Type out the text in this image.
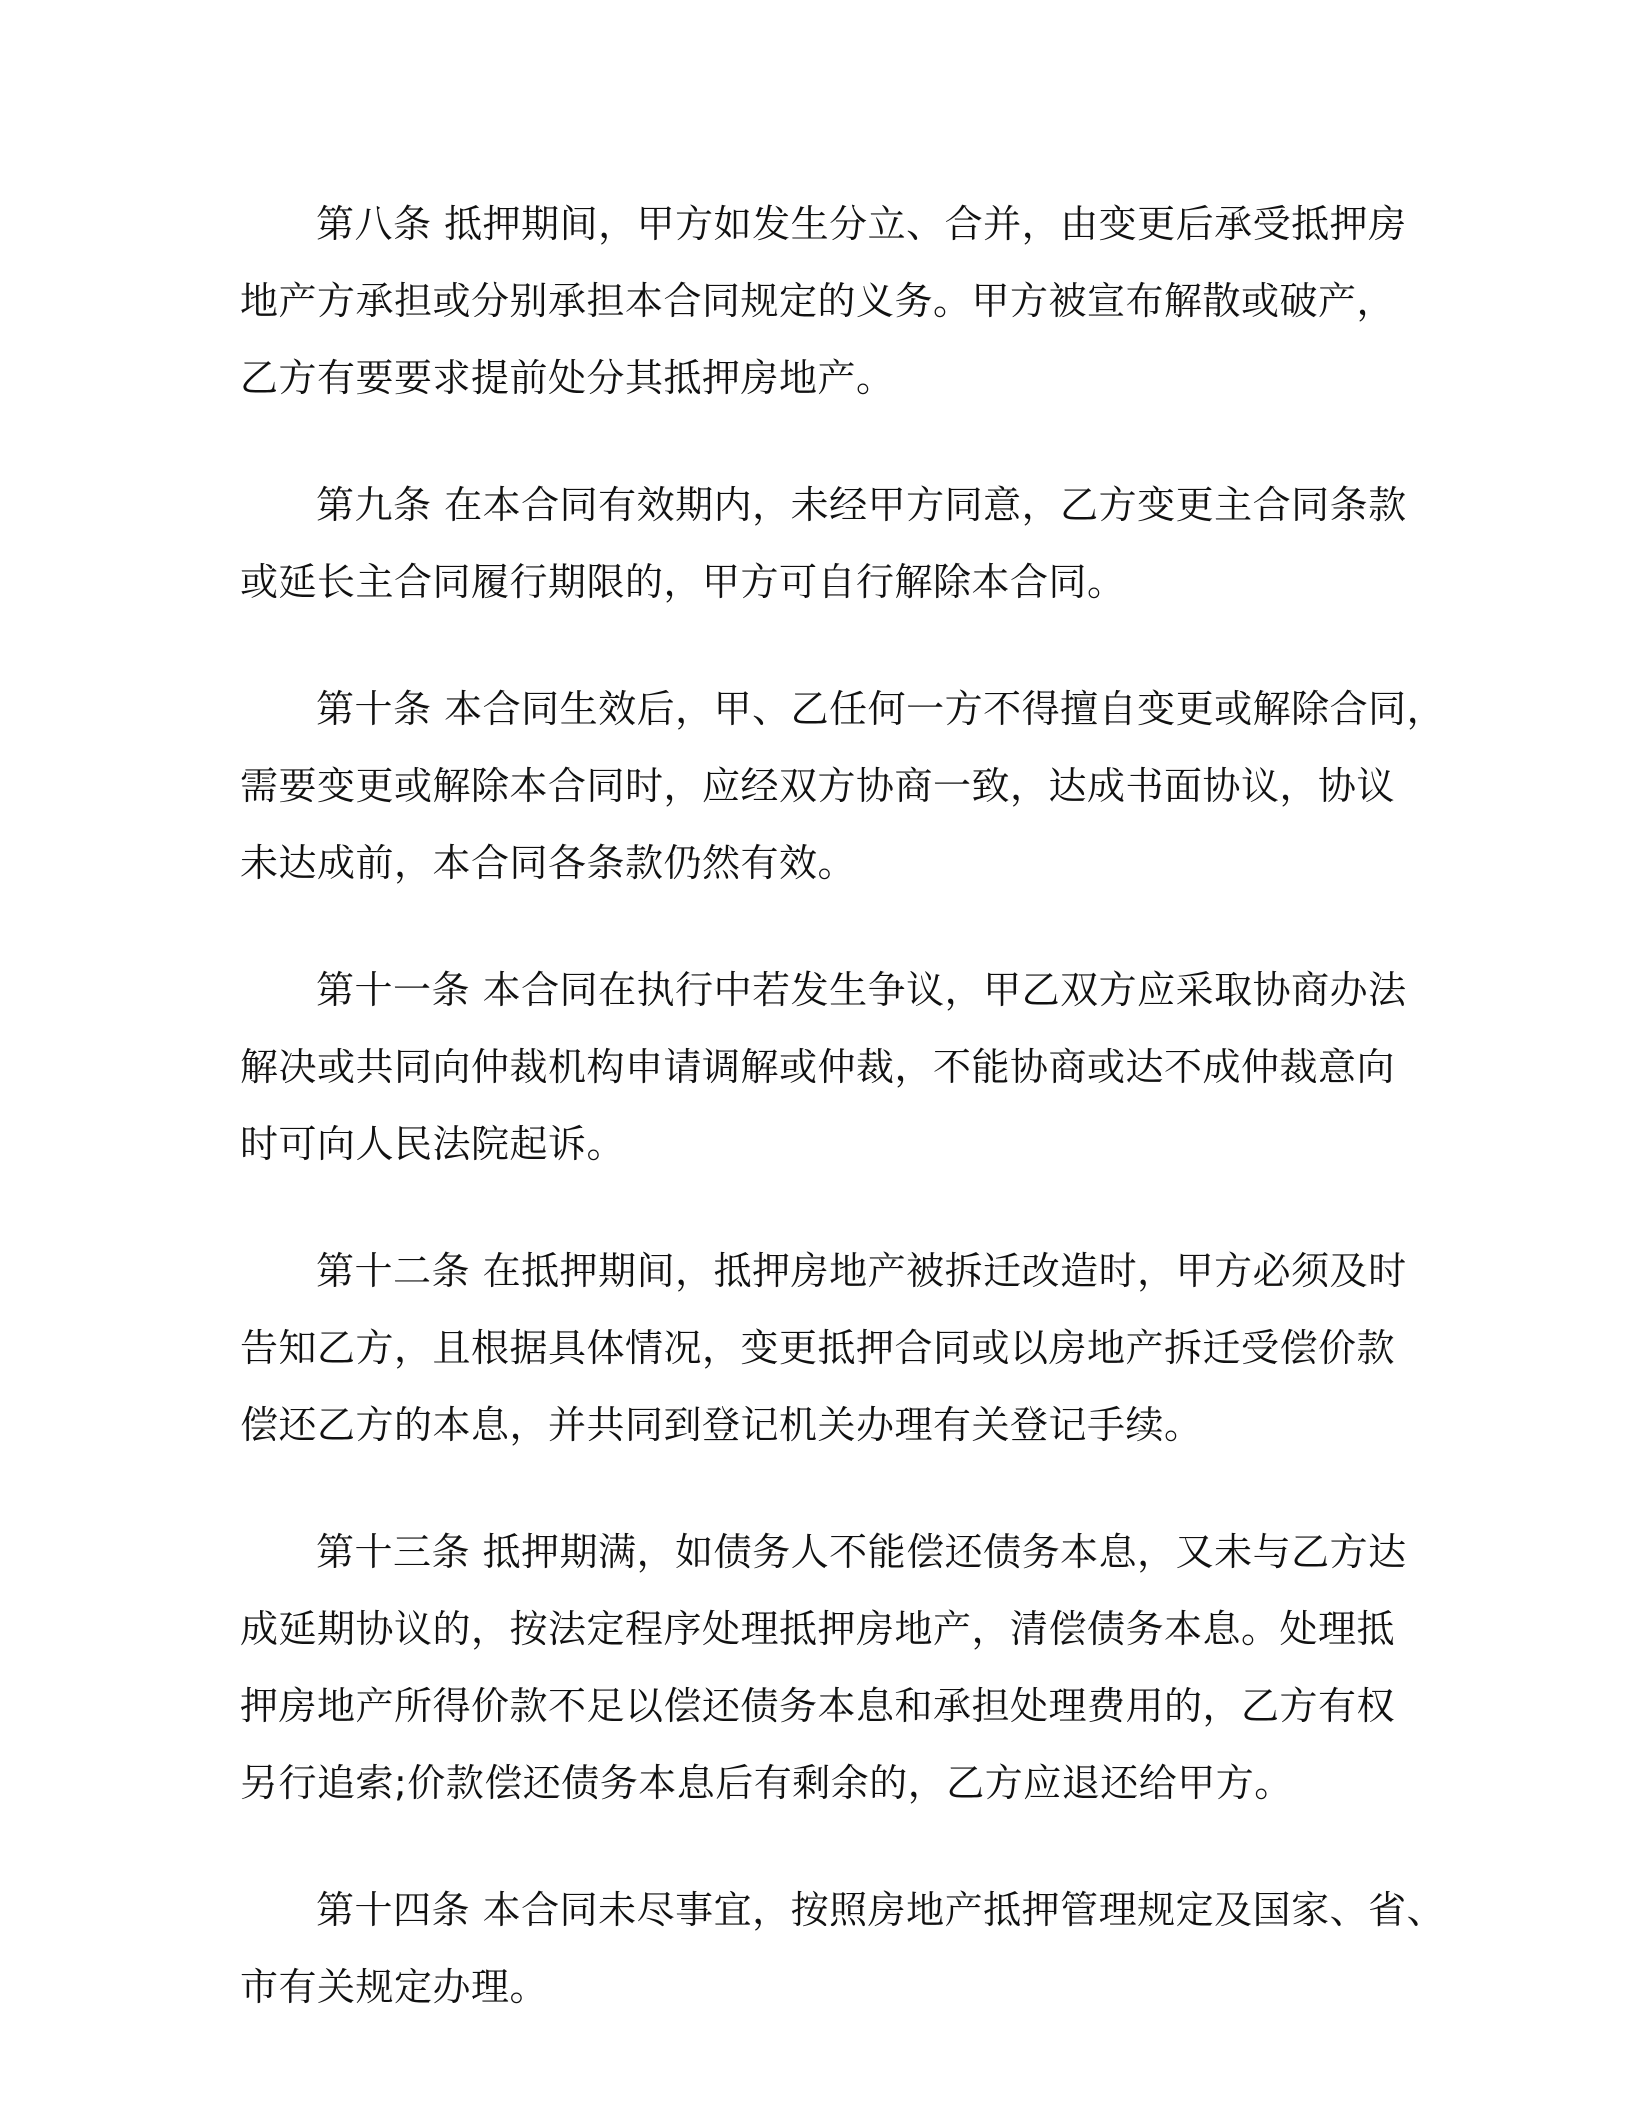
第八条 抵押期间，甲方如发生分立、合并，由变更后承受抵押房
地产方承担或分别承担本合同规定的义务。甲方被宣布解散或破产，
乙方有要要求提前处分其抵押房地产。
第九条 在本合同有效期内，未经甲方同意，乙方变更主合同条款
或延长主合同履行期限的，甲方可自行解除本合同。
第十条 本合同生效后，甲、乙任何一方不得擅自变更或解除合同，
需要变更或解除本合同时，应经双方协商一致，达成书面协议，协议
未达成前，本合同各条款仍然有效。
第十一条 本合同在执行中若发生争议，甲乙双方应采取协商办法
解决或共同向仲裁机构申请调解或仲裁，不能协商或达不成仲裁意向
时可向人民法院起诉。
第十二条 在抵押期间，抵押房地产被拆迁改造时，甲方必须及时
告知乙方，且根据具体情况，变更抵押合同或以房地产拆迁受偿价款
偿还乙方的本息，并共同到登记机关办理有关登记手续。
第十三条 抵押期满，如债务人不能偿还债务本息，又未与乙方达
成延期协议的，按法定程序处理抵押房地产，清偿债务本息。处理抵
押房地产所得价款不足以偿还债务本息和承担处理费用的，乙方有权
另行追索;价款偿还债务本息后有剩余的，乙方应退还给甲方。
第十四条 本合同未尽事宜，按照房地产抵押管理规定及国家、省、
市有关规定办理。
